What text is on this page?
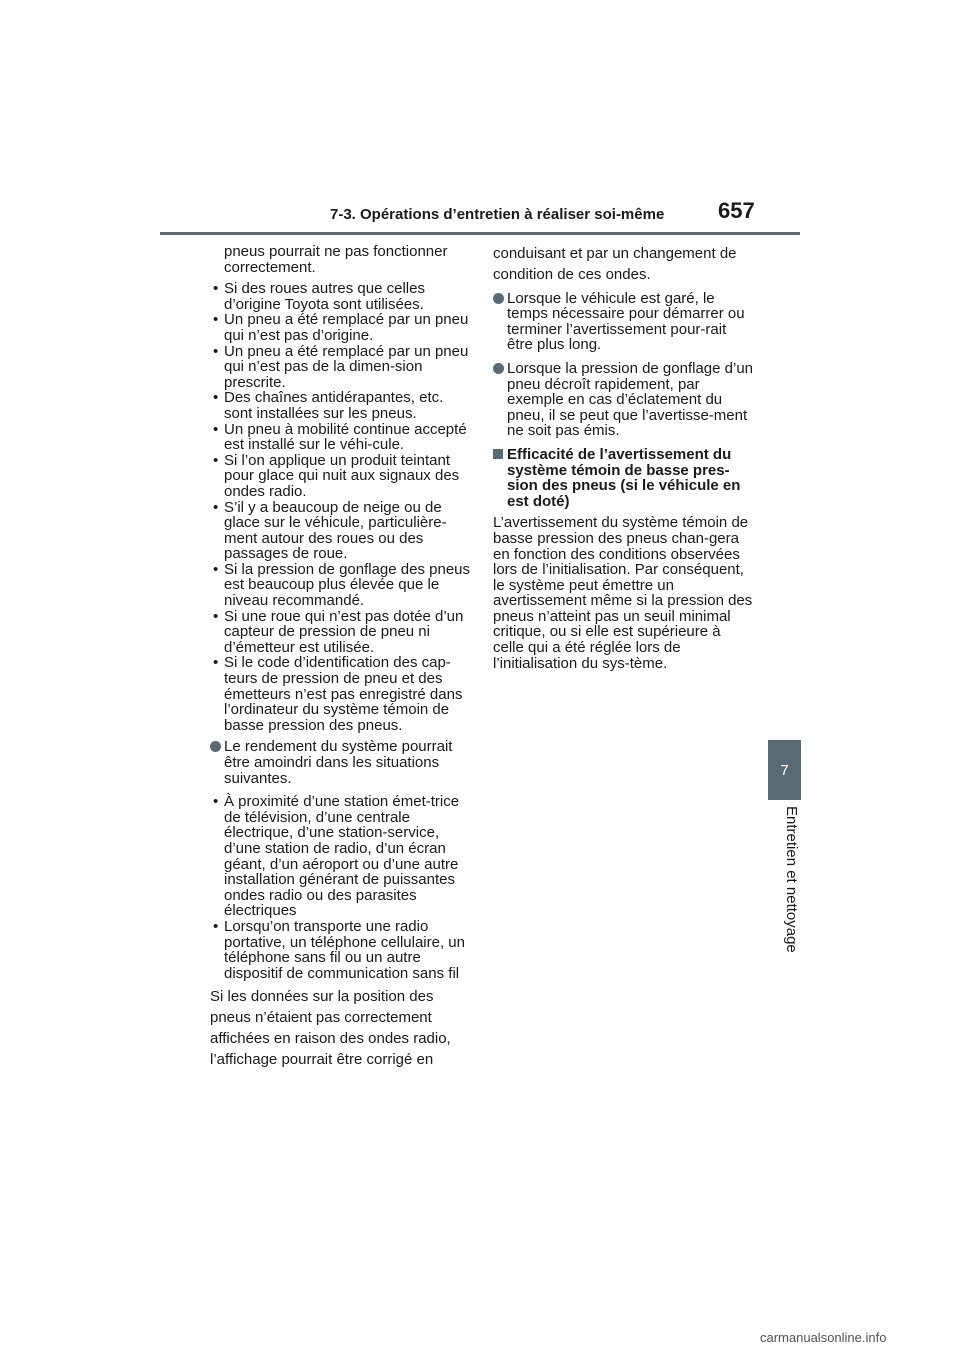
7-3. Opérations d’entretien à réaliser soi-même 657
7
Entretien et nettoyage

pneus pourrait ne pas fonctionner correctement.

• Si des roues autres que celles d’origine Toyota sont utilisées.
• Un pneu a été remplacé par un pneu qui n’est pas d’origine.
• Un pneu a été remplacé par un pneu qui n’est pas de la dimen-sion prescrite.
• Des chaînes antidérapantes, etc. sont installées sur les pneus.
• Un pneu à mobilité continue accepté est installé sur le véhi-cule.
• Si l’on applique un produit teintant pour glace qui nuit aux signaux des ondes radio.
• S’il y a beaucoup de neige ou de glace sur le véhicule, particulière-ment autour des roues ou des passages de roue.
• Si la pression de gonflage des pneus est beaucoup plus élevée que le niveau recommandé.
• Si une roue qui n’est pas dotée d’un capteur de pression de pneu ni d’émetteur est utilisée.
• Si le code d’identification des cap-teurs de pression de pneu et des émetteurs n’est pas enregistré dans l’ordinateur du système témoin de basse pression des pneus.
Le rendement du système pourrait être amoindri dans les situations suivantes.
• À proximité d’une station émet-trice de télévision, d’une centrale électrique, d’une station-service, d’une station de radio, d’un écran géant, d’un aéroport ou d’une autre installation générant de puissantes ondes radio ou des parasites électriques
• Lorsqu’on transporte une radio portative, un téléphone cellulaire, un téléphone sans fil ou un autre dispositif de communication sans fil

Si les données sur la position des pneus n’étaient pas correctement affichées en raison des ondes radio, l’affichage pourrait être corrigé en

conduisant et par un changement de condition de ces ondes.

Lorsque le véhicule est garé, le temps nécessaire pour démarrer ou terminer l’avertissement pour-rait être plus long.
Lorsque la pression de gonflage d’un pneu décroît rapidement, par exemple en cas d’éclatement du pneu, il se peut que l’avertisse-ment ne soit pas émis.
Efficacité de l’avertissement du système témoin de basse pres-sion des pneus (si le véhicule en est doté)

L’avertissement du système témoin de basse pression des pneus chan-gera en fonction des conditions observées lors de l’initialisation. Par conséquent, le système peut émettre un avertissement même si la pression des pneus n’atteint pas un seuil minimal critique, ou si elle est supérieure à celle qui a été réglée lors de l’initialisation du sys-tème.

carmanualsonline.info
